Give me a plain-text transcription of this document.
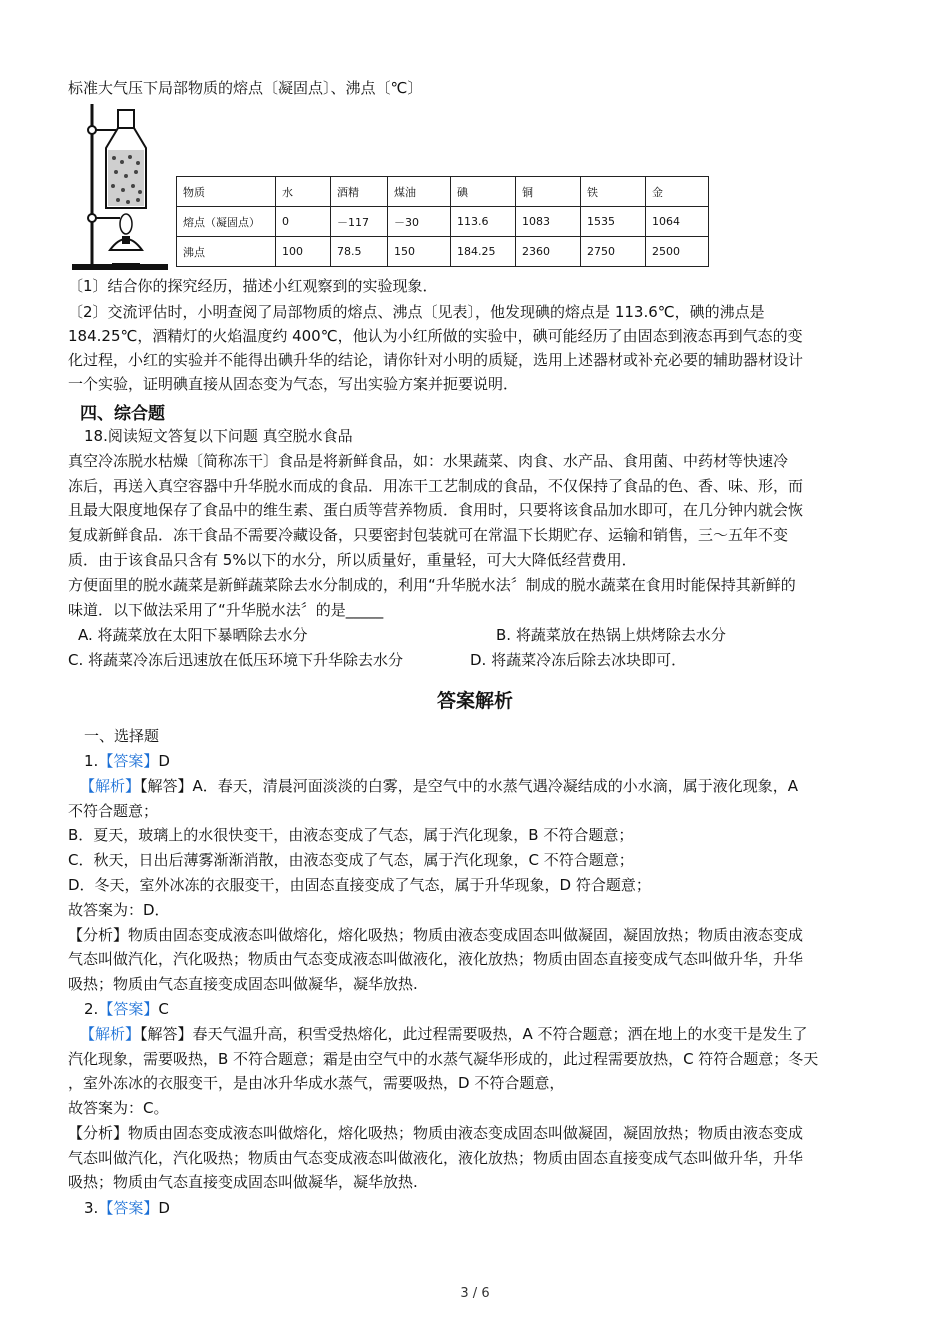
标准大气压下局部物质的熔点〔凝固点〕、沸点〔℃〕
物质	水	酒精	煤油	碘	铜	铁	金
熔点（凝固点）	0	－117	－30	113.6	1083	1535	1064
沸点	100	78.5	150	184.25	2360	2750	2500
〔1〕结合你的探究经历，描述小红观察到的实验现象．
〔2〕交流评估时，小明查阅了局部物质的熔点、沸点〔见表〕，他发现碘的熔点是 113.6℃，碘的沸点是
184.25℃，酒精灯的火焰温度约 400℃，他认为小红所做的实验中，碘可能经历了由固态到液态再到气态的变
化过程，小红的实验并不能得出碘升华的结论，请你针对小明的质疑，选用上述器材或补充必要的辅助器材设计
一个实验，证明碘直接从固态变为气态，写出实验方案并扼要说明．
四、综合题
18.阅读短文答复以下问题 真空脱水食品
真空冷冻脱水枯燥〔简称冻干〕食品是将新鲜食品，如：水果蔬菜、肉食、水产品、食用菌、中药材等快速冷
冻后，再送入真空容器中升华脱水而成的食品．用冻干工艺制成的食品，不仅保持了食品的色、香、味、形，而
且最大限度地保存了食品中的维生素、蛋白质等营养物质．食用时，只要将该食品加水即可，在几分钟内就会恢
复成新鲜食品．冻干食品不需要冷藏设备，只要密封包装就可在常温下长期贮存、运输和销售，三～五年不变
质．由于该食品只含有 5%以下的水分，所以质量好，重量轻，可大大降低经营费用．
方便面里的脱水蔬菜是新鲜蔬菜除去水分制成的，利用“升华脱水法〞制成的脱水蔬菜在食用时能保持其新鲜的
味道．以下做法采用了“升华脱水法〞的是_____
A. 将蔬菜放在太阳下暴晒除去水分	B. 将蔬菜放在热锅上烘烤除去水分
C. 将蔬菜冷冻后迅速放在低压环境下升华除去水分	D. 将蔬菜冷冻后除去冰块即可．
答案解析
一、选择题
1.【答案】D
【解析】【解答】A．春天，清晨河面淡淡的白雾，是空气中的水蒸气遇冷凝结成的小水滴，属于液化现象，A
不符合题意；
B．夏天，玻璃上的水很快变干，由液态变成了气态，属于汽化现象，B 不符合题意；
C．秋天，日出后薄雾渐渐消散，由液态变成了气态，属于汽化现象，C 不符合题意；
D．冬天，室外冰冻的衣服变干，由固态直接变成了气态，属于升华现象，D 符合题意；
故答案为：D．
【分析】物质由固态变成液态叫做熔化，熔化吸热；物质由液态变成固态叫做凝固，凝固放热；物质由液态变成
气态叫做汽化，汽化吸热；物质由气态变成液态叫做液化，液化放热；物质由固态直接变成气态叫做升华，升华
吸热；物质由气态直接变成固态叫做凝华，凝华放热.
2.【答案】C
【解析】【解答】春天气温升高，积雪受热熔化，此过程需要吸热，A 不符合题意；洒在地上的水变干是发生了
汽化现象，需要吸热，B 不符合题意；霜是由空气中的水蒸气凝华形成的，此过程需要放热，C 符符合题意；冬天
，室外冻冰的衣服变干，是由冰升华成水蒸气，需要吸热，D 不符合题意，
故答案为：C。
【分析】物质由固态变成液态叫做熔化，熔化吸热；物质由液态变成固态叫做凝固，凝固放热；物质由液态变成
气态叫做汽化，汽化吸热；物质由气态变成液态叫做液化，液化放热；物质由固态直接变成气态叫做升华，升华
吸热；物质由气态直接变成固态叫做凝华，凝华放热.
3.【答案】D
3 / 6
